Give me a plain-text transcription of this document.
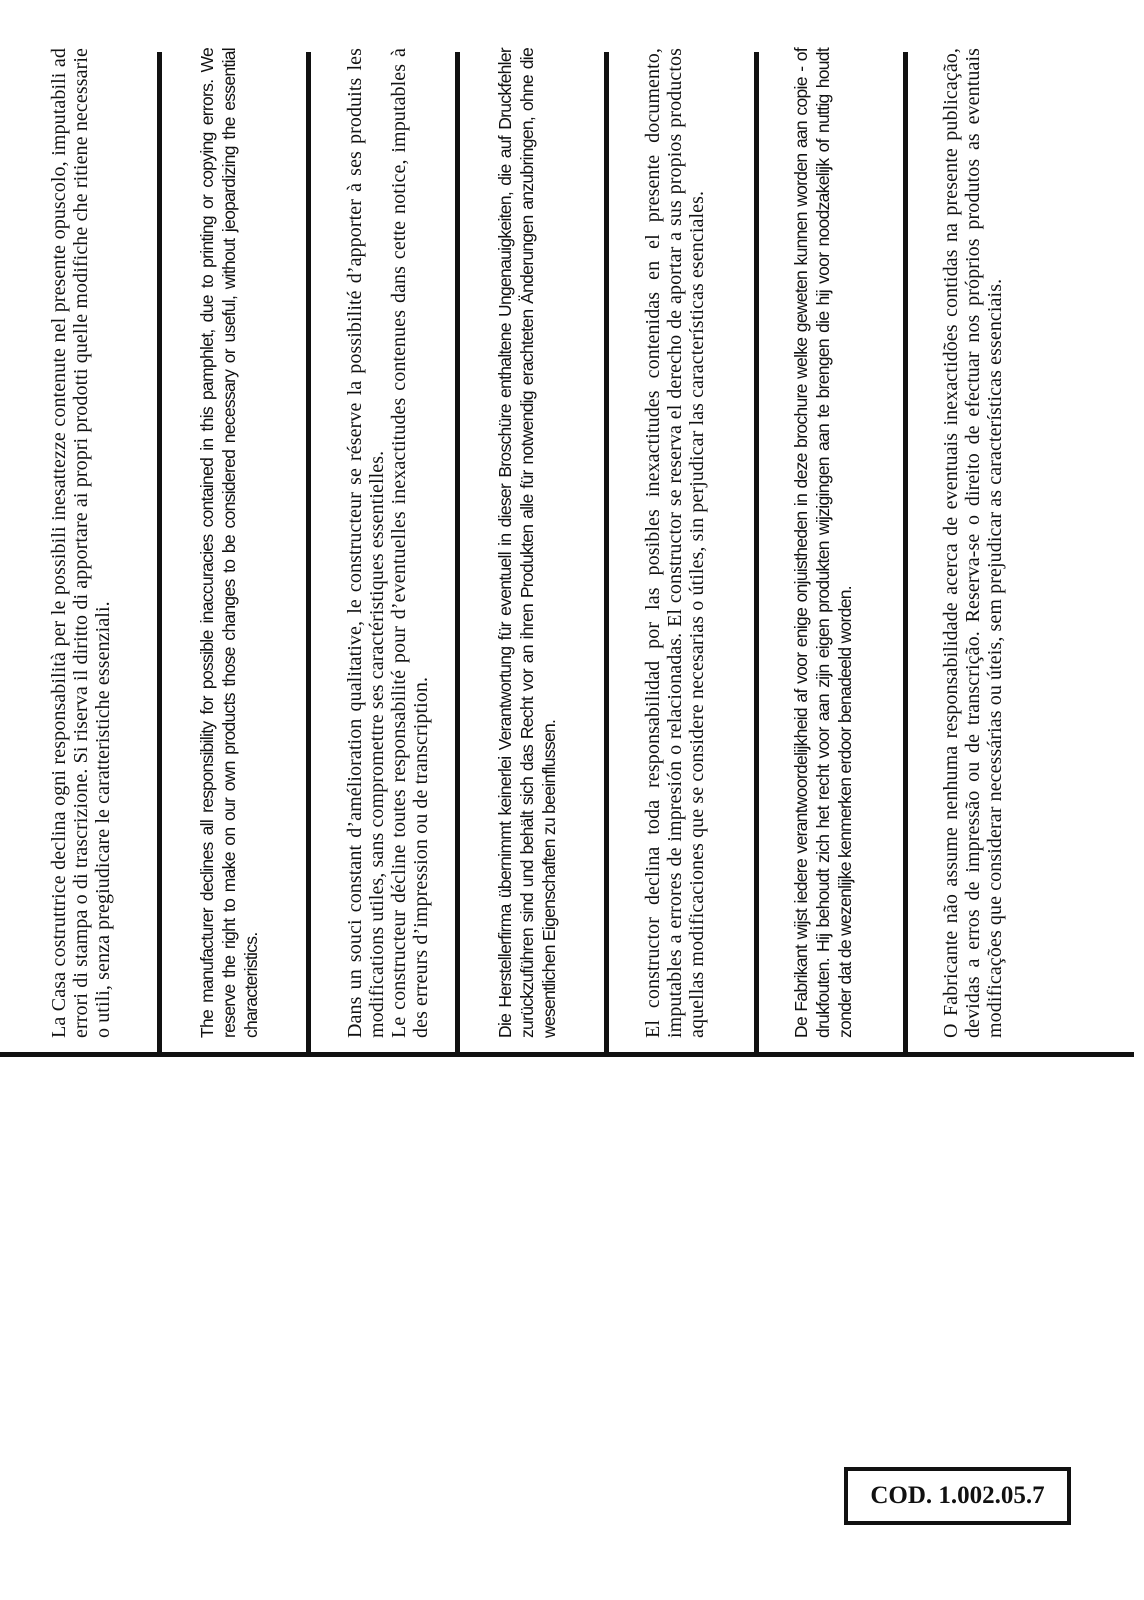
La Casa costruttrice declina ogni responsabilità per le possibili inesattezze contenute nel presente opuscolo, imputabili ad errori di stampa o di trascrizione. Si riserva il diritto di apportare ai propri prodotti quelle modifiche che ritiene necessarie o utili, senza pregiudicare le caratteristiche essenziali.	The manufacturer declines all responsibility for possible inaccuracies contained in this pamphlet, due to printing or copying errors. We reserve the right to make on our own products those changes to be considered necessary or useful, without jeopardizing the essential characteristics.	Dans un souci constant d’amélioration qualitative, le constructeur se réserve la possibilité d’apporter à ses produits les modifications utiles, sans compromettre ses caractéristiques essentielles. Le constructeur décline toutes responsabilité pour d’eventuelles inexactitudes contenues dans cette notice, imputables à des erreurs d’impression ou de transcription.	Die Herstellerfirma übernimmt keinerlei Verantwortung für eventuell in dieser Broschüre enthaltene Ungenauigkeiten, die auf Druckfehler zurückzuführen sind und behält sich das Recht vor an ihren Produkten alle für notwendig erachteten Änderungen anzubringen, ohne die wesentlichen Eigenschaften zu beeinflussen.	El constructor declina toda responsabilidad por las posibles inexactitudes contenidas en el presente documento, imputables a errores de impresión o relacionadas. El constructor se reserva el derecho de aportar a sus propios productos aquellas modificaciones que se considere necesarias o útiles, sin perjudicar las características esenciales.	De Fabrikant wijst iedere verantwoordelijkheid af voor enige onjuistheden in deze brochure welke geweten kunnen worden aan copie - of drukfouten. Hij behoudt zich het recht voor aan zijn eigen produkten wijzigingen aan te brengen die hij voor noodzakelijk of nuttig houdt zonder dat de wezenlijke kenmerken erdoor benadeeld worden.	O Fabricante não assume nenhuma responsabilidade acerca de eventuais inexactidões contidas na presente publicação, devidas a erros de impressão ou de transcrição. Reserva-se o direito de efectuar nos próprios produtos as eventuais modificações que considerar necessárias ou úteis, sem prejudicar as características essenciais.

COD. 1.002.05.7
